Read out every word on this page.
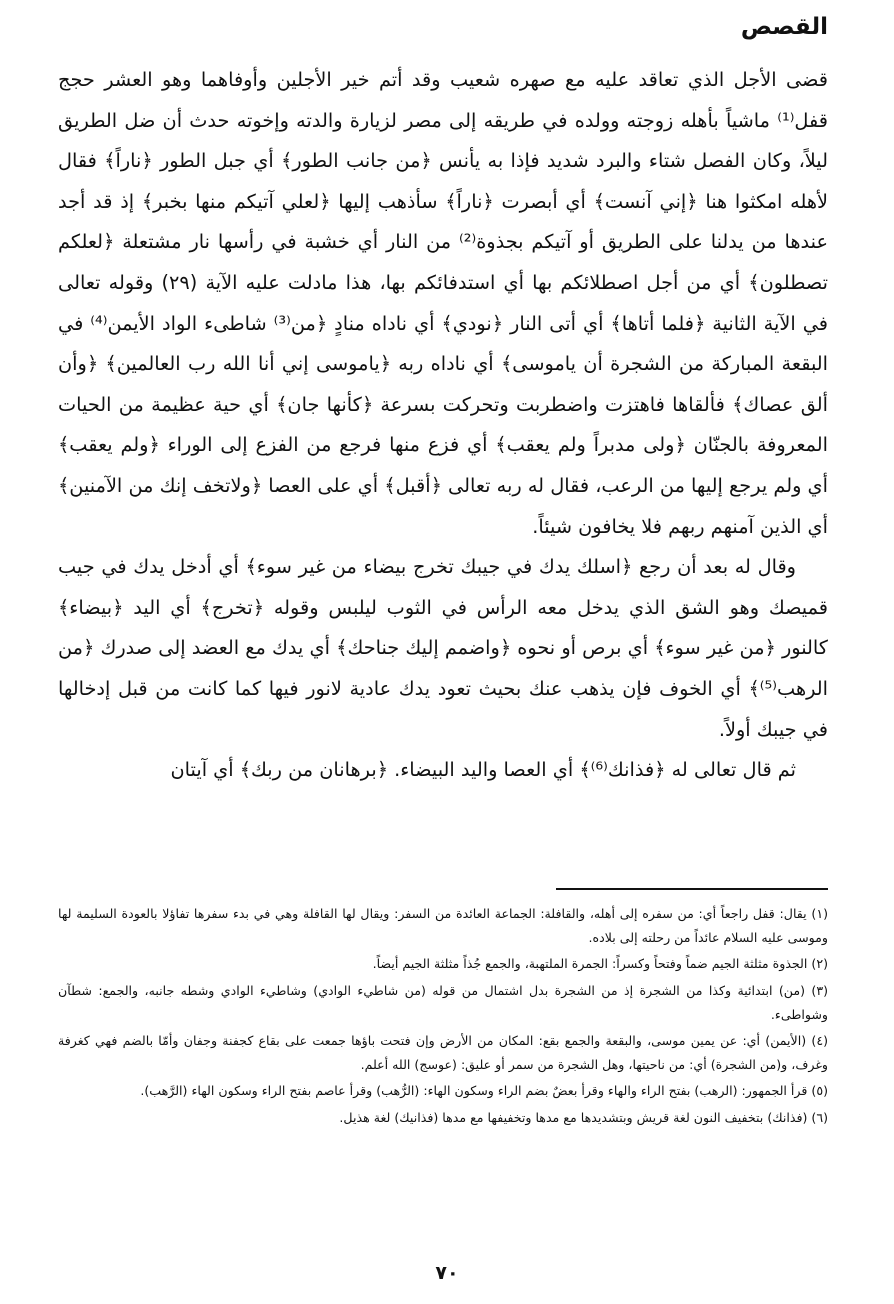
القصص

قضى الأجل الذي تعاقد عليه مع صهره شعيب وقد أتم خير الأجلين وأوفاهما وهو العشر حجج قفل⁽¹⁾ ماشياً بأهله زوجته وولده في طريقه إلى مصر لزيارة والدته وإخوته حدث أن ضل الطريق ليلاً، وكان الفصل شتاء والبرد شديد فإذا به يأنس ﴿من جانب الطور﴾ أي جبل الطور ﴿ناراً﴾ فقال لأهله امكثوا هنا ﴿إني آنست﴾ أي أبصرت ﴿ناراً﴾ سأذهب إليها ﴿لعلي آتيكم منها بخبر﴾ إذ قد أجد عندها من يدلنا على الطريق أو آتيكم بجذوة⁽²⁾ من النار أي خشبة في رأسها نار مشتعلة ﴿لعلكم تصطلون﴾ أي من أجل اصطلائكم بها أي استدفائكم بها، هذا مادلت عليه الآية (٢٩) وقوله تعالى في الآية الثانية ﴿فلما أتاها﴾ أي أتى النار ﴿نودي﴾ أي ناداه منادٍ ﴿من⁽³⁾ شاطىء الواد الأيمن⁽⁴⁾ في البقعة المباركة من الشجرة أن ياموسى﴾ أي ناداه ربه ﴿ياموسى إني أنا الله رب العالمين﴾ ﴿وأن ألق عصاك﴾ فألقاها فاهتزت واضطربت وتحركت بسرعة ﴿كأنها جان﴾ أي حية عظيمة من الحيات المعروفة بالجنّان ﴿ولى مدبراً ولم يعقب﴾ أي فزع منها فرجع من الفزع إلى الوراء ﴿ولم يعقب﴾ أي ولم يرجع إليها من الرعب، فقال له ربه تعالى ﴿أقبل﴾ أي على العصا ﴿ولاتخف إنك من الآمنين﴾ أي الذين آمنهم ربهم فلا يخافون شيئاً.

وقال له بعد أن رجع ﴿اسلك يدك في جيبك تخرج بيضاء من غير سوء﴾ أي أدخل يدك في جيب قميصك وهو الشق الذي يدخل معه الرأس في الثوب ليلبس وقوله ﴿تخرج﴾ أي اليد ﴿بيضاء﴾ كالنور ﴿من غير سوء﴾ أي برص أو نحوه ﴿واضمم إليك جناحك﴾ أي يدك مع العضد إلى صدرك ﴿من الرهب⁽⁵⁾﴾ أي الخوف فإن يذهب عنك بحيث تعود يدك عادية لانور فيها كما كانت من قبل إدخالها في جيبك أولاً.

ثم قال تعالى له ﴿فذانك⁽⁶⁾﴾ أي العصا واليد البيضاء. ﴿برهانان من ربك﴾ أي آيتان

(١) يقال: قفل راجعاً أي: من سفره إلى أهله، والقافلة: الجماعة العائدة من السفر: ويقال لها القافلة وهي في بدء سفرها تفاؤلا بالعودة السليمة لها وموسى عليه السلام عائداً من رحلته إلى بلاده.

(٢) الجذوة مثلثة الجيم ضماً وفتحاً وكسراً: الجمرة الملتهبة، والجمع جُذاً مثلثة الجيم أيضاً.

(٣) (من) ابتدائية وكذا من الشجرة إذ من الشجرة بدل اشتمال من قوله (من شاطيء الوادي) وشاطيء الوادي وشطه جانبه، والجمع: شطآن وشواطىء.

(٤) (الأيمن) أي: عن يمين موسى، والبقعة والجمع بقع: المكان من الأرض وإن فتحت باؤها جمعت على بقاع كجفنة وجفان وأمّا بالضم فهي كغرفة وغرف، و(من الشجرة) أي: من ناحيتها، وهل الشجرة من سمر أو عليق: (عوسج) الله أعلم.

(٥) قرأ الجمهور: (الرهب) بفتح الراء والهاء وقرأ بعضٌ بضم الراء وسكون الهاء: (الرُّهب) وقرأ عاصم بفتح الراء وسكون الهاء (الرَّهب).

(٦) (فذانك) بتخفيف النون لغة قريش وبتشديدها مع مدها وتخفيفها مع مدها (فذانيك) لغة هذيل.

٧٠
